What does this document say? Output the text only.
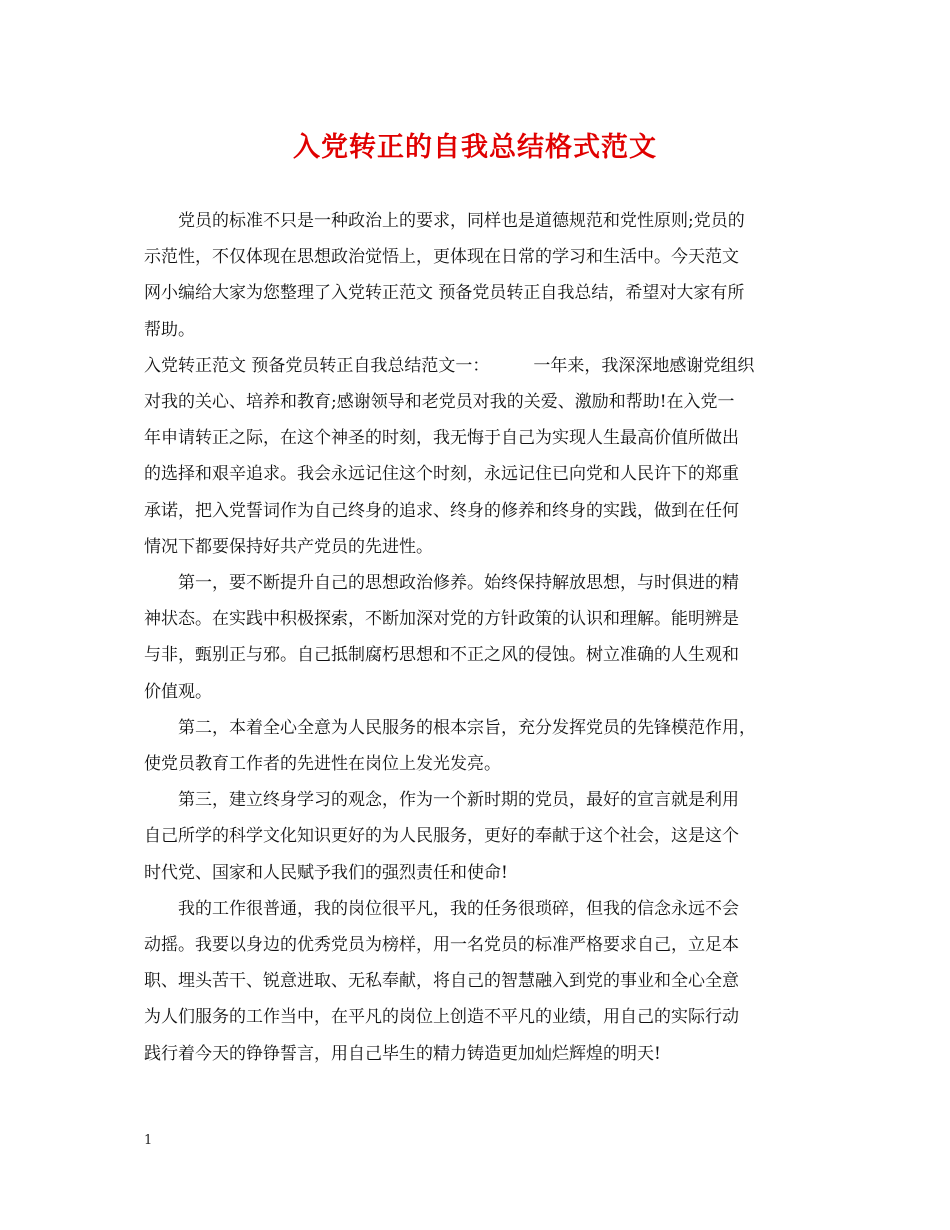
入党转正的自我总结格式范文

党员的标准不只是一种政治上的要求，同样也是道德规范和党性原则;党员的
示范性，不仅体现在思想政治觉悟上，更体现在日常的学习和生活中。今天范文
网小编给大家为您整理了入党转正范文 预备党员转正自我总结，希望对大家有所
帮助。

入党转正范文 预备党员转正自我总结范文一：	一年来，我深深地感谢党组织
对我的关心、培养和教育;感谢领导和老党员对我的关爱、激励和帮助!在入党一
年申请转正之际，在这个神圣的时刻，我无悔于自己为实现人生最高价值所做出
的选择和艰辛追求。我会永远记住这个时刻，永远记住已向党和人民许下的郑重
承诺，把入党誓词作为自己终身的追求、终身的修养和终身的实践，做到在任何
情况下都要保持好共产党员的先进性。

第一，要不断提升自己的思想政治修养。始终保持解放思想，与时俱进的精
神状态。在实践中积极探索，不断加深对党的方针政策的认识和理解。能明辨是
与非，甄别正与邪。自己抵制腐朽思想和不正之风的侵蚀。树立准确的人生观和
价值观。

第二，本着全心全意为人民服务的根本宗旨，充分发挥党员的先锋模范作用，
使党员教育工作者的先进性在岗位上发光发亮。

第三，建立终身学习的观念，作为一个新时期的党员，最好的宣言就是利用
自己所学的科学文化知识更好的为人民服务，更好的奉献于这个社会，这是这个
时代党、国家和人民赋予我们的强烈责任和使命!

我的工作很普通，我的岗位很平凡，我的任务很琐碎，但我的信念永远不会
动摇。我要以身边的优秀党员为榜样，用一名党员的标准严格要求自己，立足本
职、埋头苦干、锐意进取、无私奉献，将自己的智慧融入到党的事业和全心全意
为人们服务的工作当中，在平凡的岗位上创造不平凡的业绩，用自己的实际行动
践行着今天的铮铮誓言，用自己毕生的精力铸造更加灿烂辉煌的明天!

1
